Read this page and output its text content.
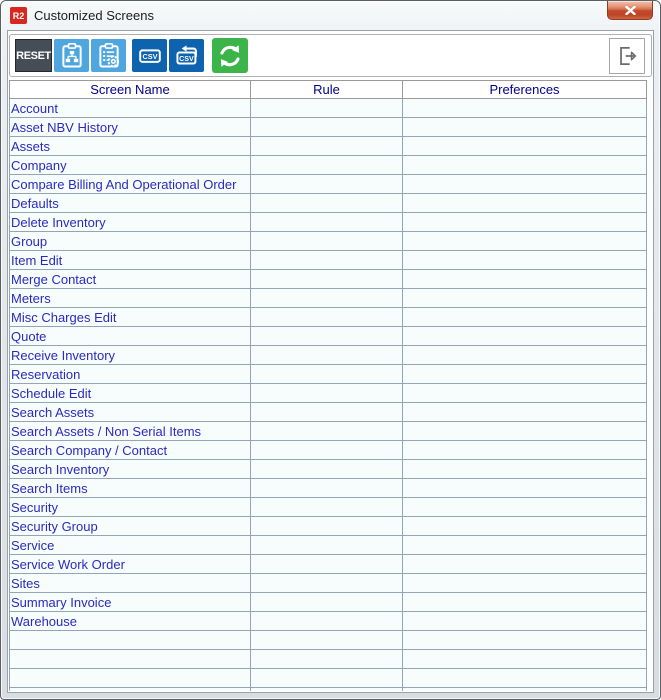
R2 Customized Screens
RESET	CSV	CSV
Screen Name	Rule	Preferences
Account		
Asset NBV History		
Assets		
Company		
Compare Billing And Operational Order		
Defaults		
Delete Inventory		
Group		
Item Edit		
Merge Contact		
Meters		
Misc Charges Edit		
Quote		
Receive Inventory		
Reservation		
Schedule Edit		
Search Assets		
Search Assets / Non Serial Items		
Search Company / Contact		
Search Inventory		
Search Items		
Security		
Security Group		
Service		
Service Work Order		
Sites		
Summary Invoice		
Warehouse		
